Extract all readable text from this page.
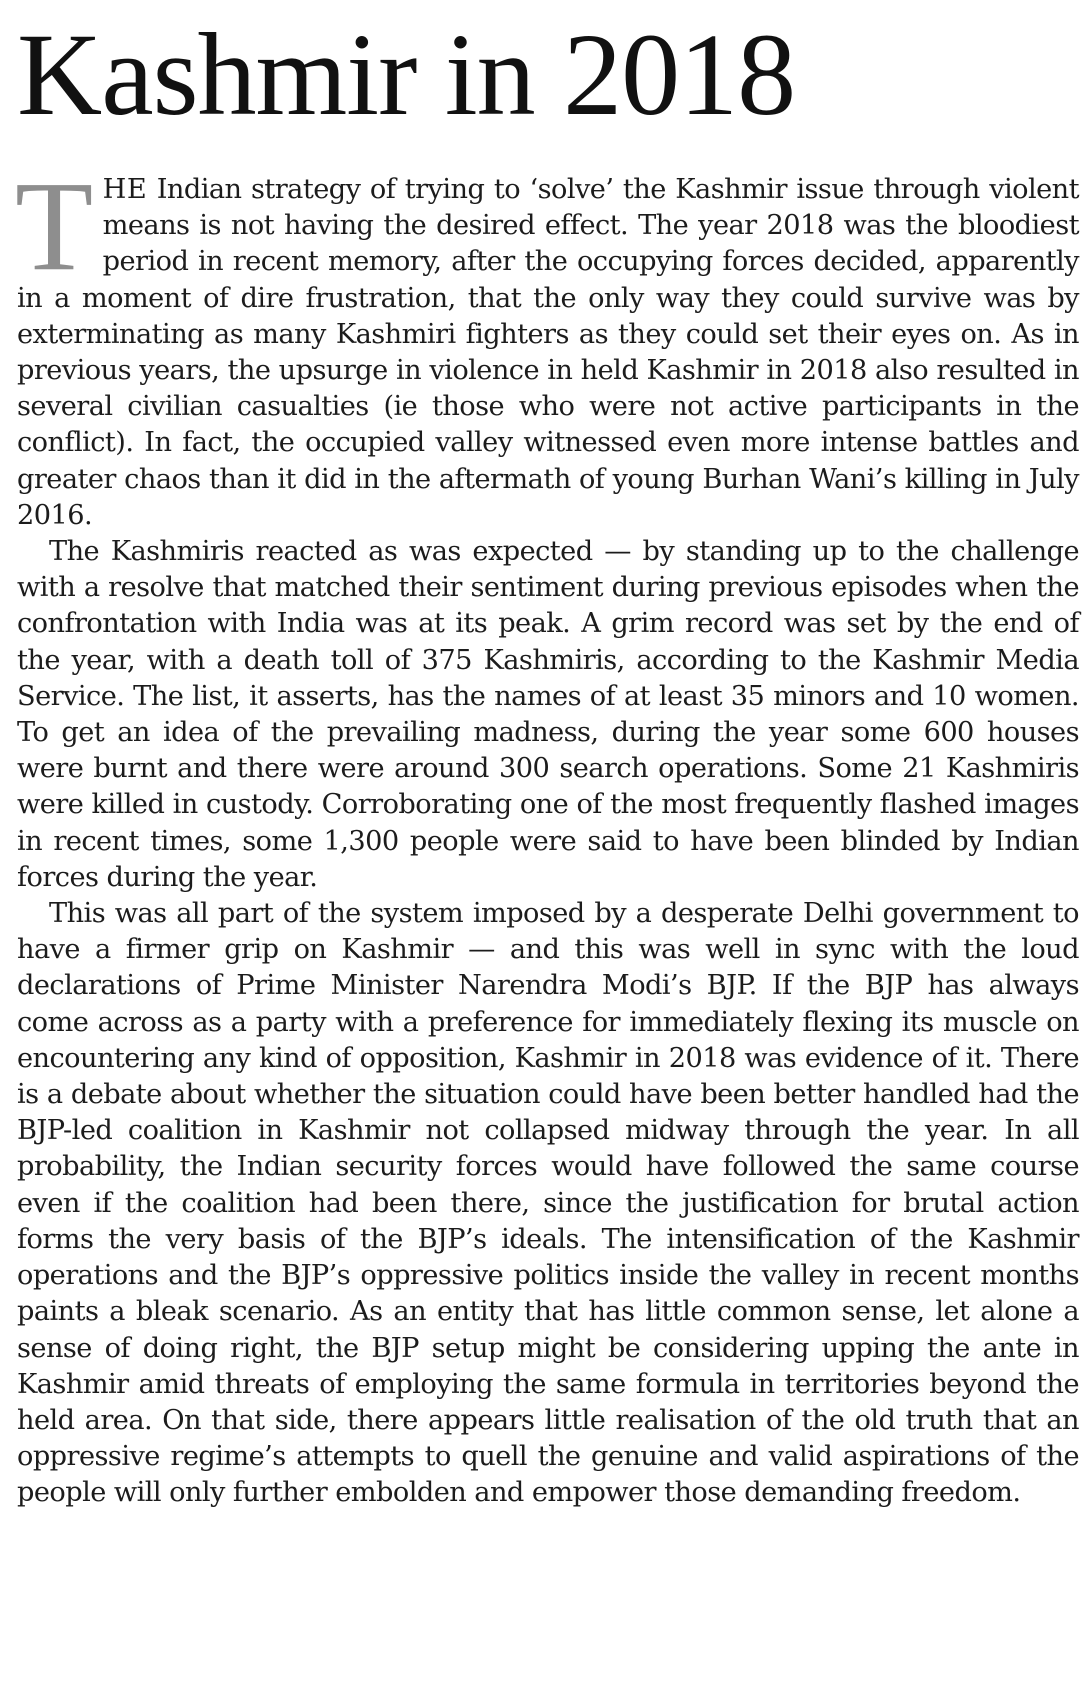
Kashmir in 2018

THE Indian strategy of trying to ‘solve’ the Kashmir issue through violent means is not having the desired effect. The year 2018 was the bloodiest period in recent memory, after the occupying forces decided, apparently in a moment of dire frustration, that the only way they could survive was by exterminating as many Kashmiri fighters as they could set their eyes on. As in previous years, the upsurge in violence in held Kashmir in 2018 also resulted in several civilian casualties (ie those who were not active participants in the conflict). In fact, the occupied valley witnessed even more intense battles and greater chaos than it did in the aftermath of young Burhan Wani’s killing in July 2016.

The Kashmiris reacted as was expected — by standing up to the challenge with a resolve that matched their sentiment during previous episodes when the confrontation with India was at its peak. A grim record was set by the end of the year, with a death toll of 375 Kashmiris, according to the Kashmir Media Service. The list, it asserts, has the names of at least 35 minors and 10 women. To get an idea of the prevailing madness, during the year some 600 houses were burnt and there were around 300 search operations. Some 21 Kashmiris were killed in custody. Corroborating one of the most frequently flashed images in recent times, some 1,300 people were said to have been blinded by Indian forces during the year.

This was all part of the system imposed by a desperate Delhi government to have a firmer grip on Kashmir — and this was well in sync with the loud declarations of Prime Minister Narendra Modi’s BJP. If the BJP has always come across as a party with a preference for immediately flexing its muscle on encountering any kind of opposition, Kashmir in 2018 was evidence of it. There is a debate about whether the situation could have been better handled had the BJP-led coalition in Kashmir not collapsed midway through the year. In all probability, the Indian security forces would have followed the same course even if the coalition had been there, since the justification for brutal action forms the very basis of the BJP’s ideals. The intensification of the Kashmir operations and the BJP’s oppressive politics inside the valley in recent months paints a bleak scenario. As an entity that has little common sense, let alone a sense of doing right, the BJP setup might be considering upping the ante in Kashmir amid threats of employing the same formula in territories beyond the held area. On that side, there appears little realisation of the old truth that an oppressive regime’s attempts to quell the genuine and valid aspirations of the people will only further embolden and empower those demanding freedom.
